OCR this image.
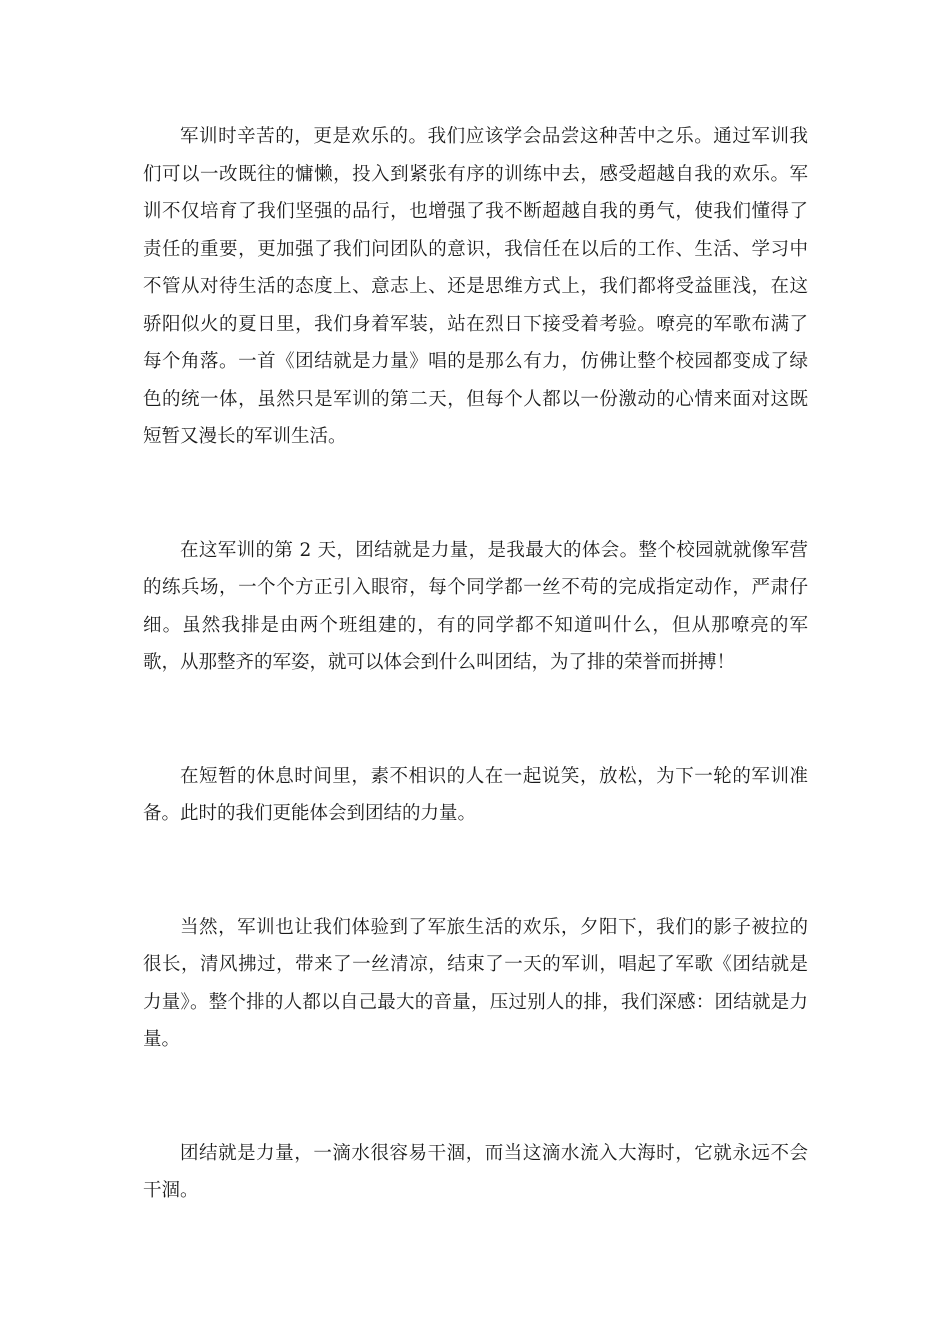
军训时辛苦的，更是欢乐的。我们应该学会品尝这种苦中之乐。通过军训我们可以一改既往的慵懒，投入到紧张有序的训练中去，感受超越自我的欢乐。军训不仅培育了我们坚强的品行，也增强了我不断超越自我的勇气，使我们懂得了责任的重要，更加强了我们问团队的意识，我信任在以后的工作、生活、学习中不管从对待生活的态度上、意志上、还是思维方式上，我们都将受益匪浅，在这骄阳似火的夏日里，我们身着军装，站在烈日下接受着考验。嘹亮的军歌布满了每个角落。一首《团结就是力量》唱的是那么有力，仿佛让整个校园都变成了绿色的统一体，虽然只是军训的第二天，但每个人都以一份激动的心情来面对这既短暂又漫长的军训生活。

在这军训的第 2 天，团结就是力量，是我最大的体会。整个校园就就像军营的练兵场，一个个方正引入眼帘，每个同学都一丝不苟的完成指定动作，严肃仔细。虽然我排是由两个班组建的，有的同学都不知道叫什么，但从那嘹亮的军歌，从那整齐的军姿，就可以体会到什么叫团结，为了排的荣誉而拼搏！

在短暂的休息时间里，素不相识的人在一起说笑，放松，为下一轮的军训准备。此时的我们更能体会到团结的力量。

当然，军训也让我们体验到了军旅生活的欢乐，夕阳下，我们的影子被拉的很长，清风拂过，带来了一丝清凉，结束了一天的军训，唱起了军歌《团结就是力量》。整个排的人都以自己最大的音量，压过别人的排，我们深感：团结就是力量。

团结就是力量，一滴水很容易干涸，而当这滴水流入大海时，它就永远不会干涸。
